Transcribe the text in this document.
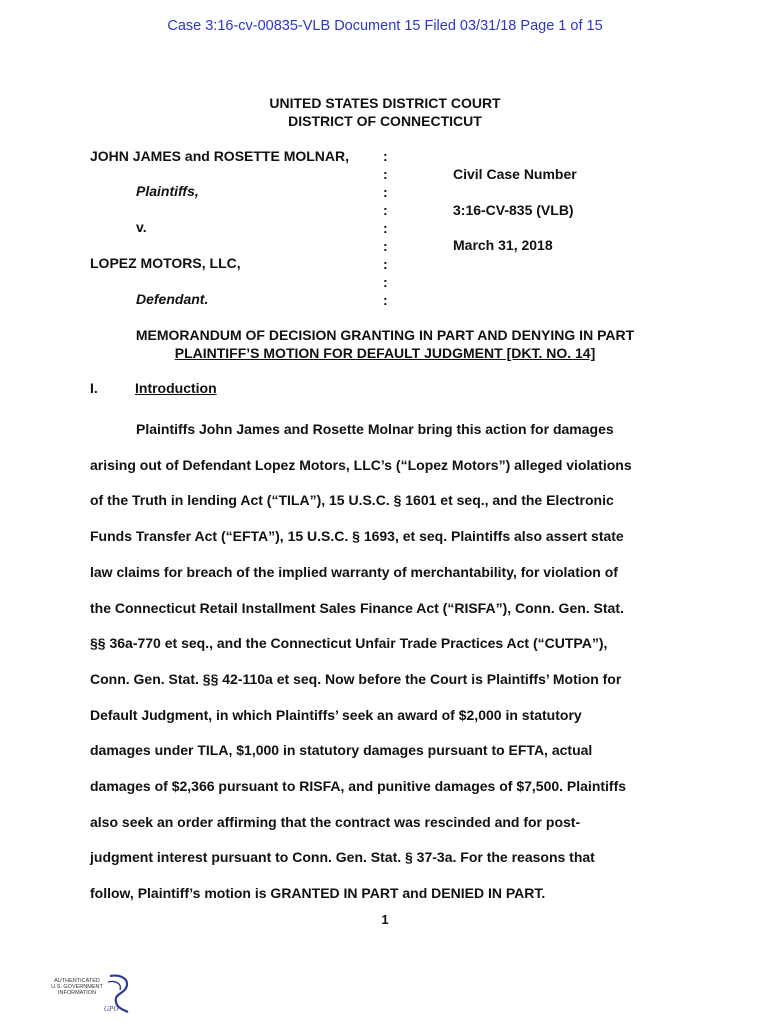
Case 3:16-cv-00835-VLB Document 15 Filed 03/31/18 Page 1 of 15
UNITED STATES DISTRICT COURT
DISTRICT OF CONNECTICUT
JOHN JAMES and ROSETTE MOLNAR,
Plaintiffs,
v.
LOPEZ MOTORS, LLC,
Defendant.
:
:
:
:
:
:
:
:
:
Civil Case Number
3:16-CV-835 (VLB)
March 31, 2018
MEMORANDUM OF DECISION GRANTING IN PART AND DENYING IN PART
PLAINTIFF’S MOTION FOR DEFAULT JUDGMENT [DKT. NO. 14]
I.	Introduction
Plaintiffs John James and Rosette Molnar bring this action for damages
arising out of Defendant Lopez Motors, LLC’s (“Lopez Motors”) alleged violations
of the Truth in lending Act (“TILA”), 15 U.S.C. § 1601 et seq., and the Electronic
Funds Transfer Act (“EFTA”), 15 U.S.C. § 1693, et seq. Plaintiffs also assert state
law claims for breach of the implied warranty of merchantability, for violation of
the Connecticut Retail Installment Sales Finance Act (“RISFA”), Conn. Gen. Stat.
§§ 36a-770 et seq., and the Connecticut Unfair Trade Practices Act (“CUTPA”),
Conn. Gen. Stat. §§ 42-110a et seq. Now before the Court is Plaintiffs’ Motion for
Default Judgment, in which Plaintiffs’ seek an award of $2,000 in statutory
damages under TILA, $1,000 in statutory damages pursuant to EFTA, actual
damages of $2,366 pursuant to RISFA, and punitive damages of $7,500. Plaintiffs
also seek an order affirming that the contract was rescinded and for post-
judgment interest pursuant to Conn. Gen. Stat. § 37-3a. For the reasons that
follow, Plaintiff’s motion is GRANTED IN PART and DENIED IN PART.
1
AUTHENTICATED
U.S. GOVERNMENT
INFORMATION
GPO
